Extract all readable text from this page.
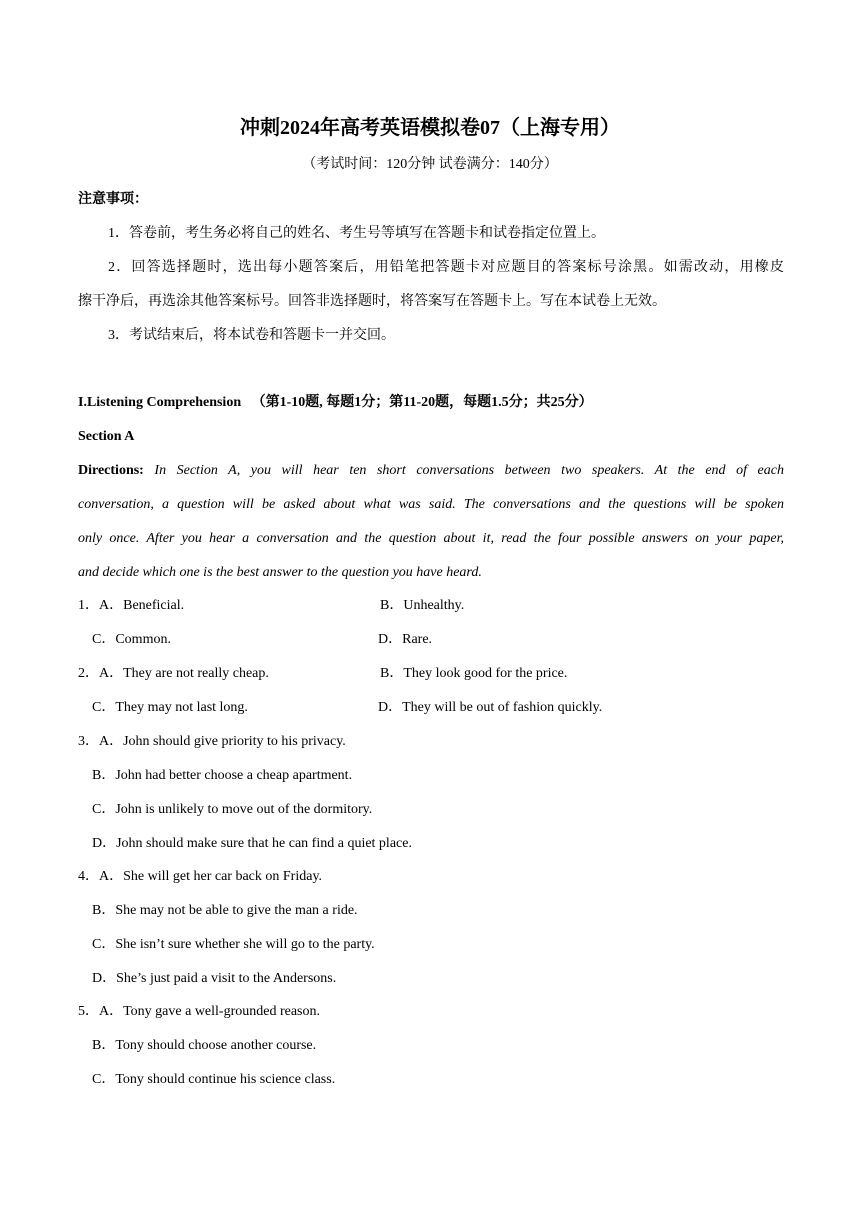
冲刺2024年高考英语模拟卷07（上海专用）
（考试时间：120分钟 试卷满分：140分）
注意事项：
1．答卷前，考生务必将自己的姓名、考生号等填写在答题卡和试卷指定位置上。
2．回答选择题时，选出每小题答案后，用铅笔把答题卡对应题目的答案标号涂黑。如需改动，用橡皮
擦干净后，再选涂其他答案标号。回答非选择题时，将答案写在答题卡上。写在本试卷上无效。
3．考试结束后，将本试卷和答题卡一并交回。
I.Listening Comprehension （第1-10题, 每题1分；第11-20题，每题1.5分；共25分）
Section A
Directions: In Section A, you will hear ten short conversations between two speakers. At the end of each
conversation, a question will be asked about what was said. The conversations and the questions will be spoken
only once. After you hear a conversation and the question about it, read the four possible answers on your paper,
and decide which one is the best answer to the question you have heard.
1．A．Beneficial.	B．Unhealthy.
C．Common.	D．Rare.
2．A．They are not really cheap.	B．They look good for the price.
C．They may not last long.	D．They will be out of fashion quickly.
3．A．John should give priority to his privacy.
B．John had better choose a cheap apartment.
C．John is unlikely to move out of the dormitory.
D．John should make sure that he can find a quiet place.
4．A．She will get her car back on Friday.
B．She may not be able to give the man a ride.
C．She isn’t sure whether she will go to the party.
D．She’s just paid a visit to the Andersons.
5．A．Tony gave a well-grounded reason.
B．Tony should choose another course.
C．Tony should continue his science class.
